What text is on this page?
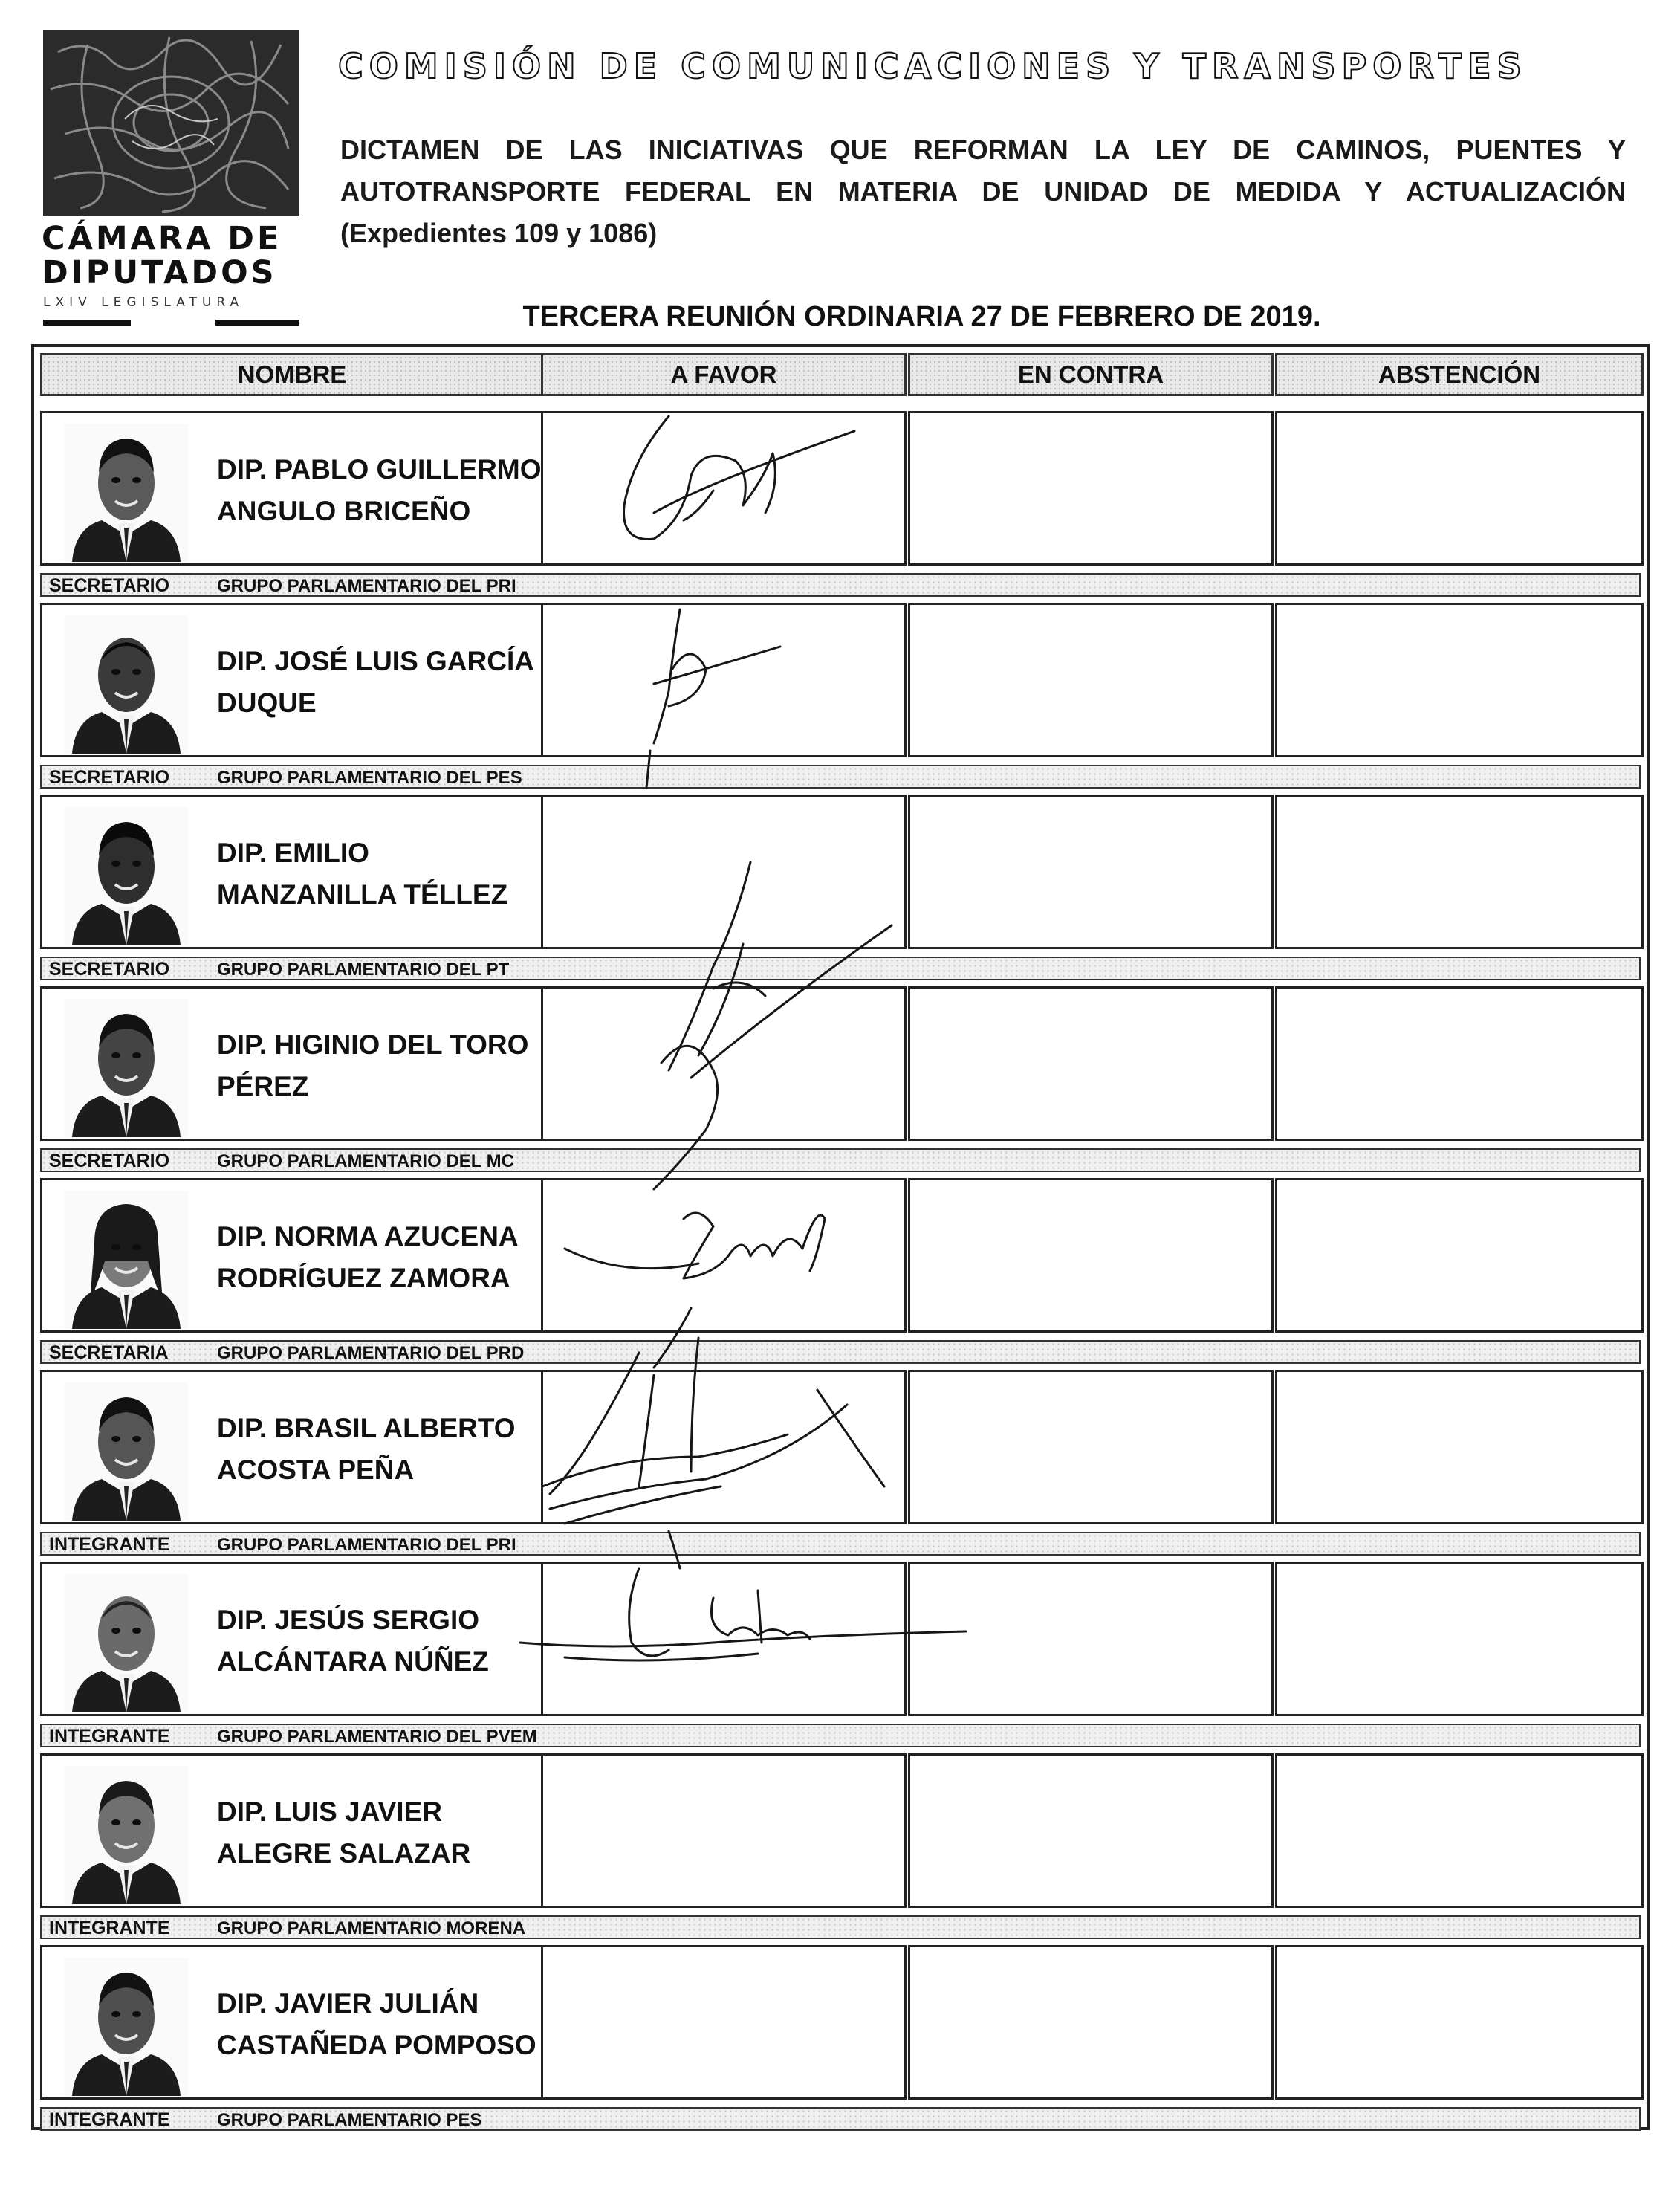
CÁMARA DE DIPUTADOS
LXIV LEGISLATURA
COMISIÓN DE COMUNICACIONES Y TRANSPORTES
DICTAMEN DE LAS INICIATIVAS QUE REFORMAN LA LEY DE CAMINOS, PUENTES Y AUTOTRANSPORTE FEDERAL EN MATERIA DE UNIDAD DE MEDIDA Y ACTUALIZACIÓN (Expedientes 109 y 1086)
TERCERA REUNIÓN ORDINARIA 27 DE FEBRERO DE 2019.
NOMBRE	A FAVOR	EN CONTRA	ABSTENCIÓN
DIP. PABLO GUILLERMO ANGULO BRICEÑO
SECRETARIO	GRUPO PARLAMENTARIO DEL PRI
DIP. JOSÉ LUIS GARCÍA DUQUE
SECRETARIO	GRUPO PARLAMENTARIO DEL PES
DIP. EMILIO MANZANILLA TÉLLEZ
SECRETARIO	GRUPO PARLAMENTARIO DEL PT
DIP. HIGINIO DEL TORO PÉREZ
SECRETARIO	GRUPO PARLAMENTARIO DEL MC
DIP. NORMA AZUCENA RODRÍGUEZ ZAMORA
SECRETARIA	GRUPO PARLAMENTARIO DEL PRD
DIP. BRASIL ALBERTO ACOSTA PEÑA
INTEGRANTE	GRUPO PARLAMENTARIO DEL PRI
DIP. JESÚS SERGIO ALCÁNTARA NÚÑEZ
INTEGRANTE	GRUPO PARLAMENTARIO DEL PVEM
DIP. LUIS JAVIER ALEGRE SALAZAR
INTEGRANTE	GRUPO PARLAMENTARIO MORENA
DIP. JAVIER JULIÁN CASTAÑEDA POMPOSO
INTEGRANTE	GRUPO PARLAMENTARIO PES
